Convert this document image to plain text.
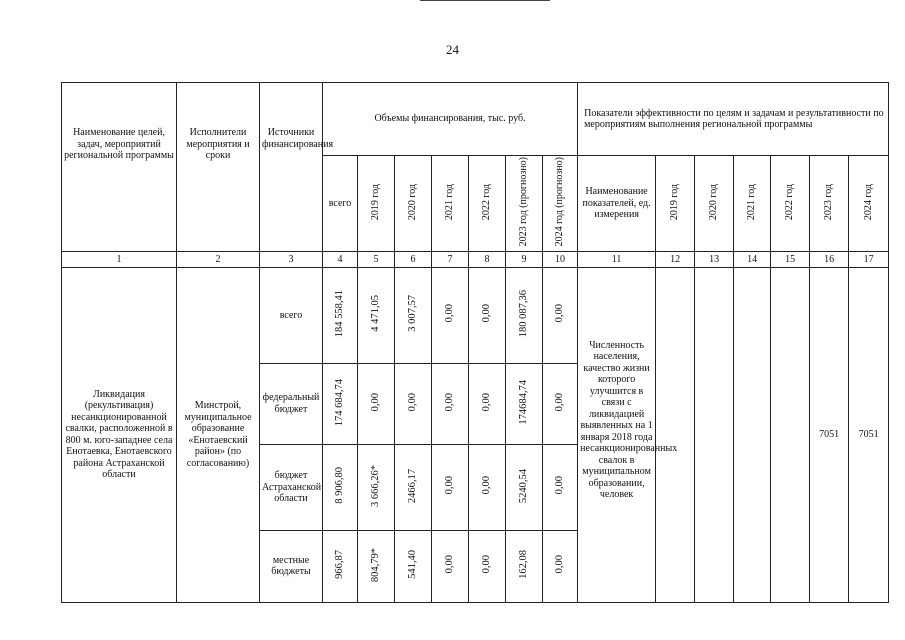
24
Наименование целей, задач, мероприятий региональной программы	Исполнители мероприятия и сроки	Источники финансирования	Объемы финансирования, тыс. руб.							Показатели эффективности по целям и задачам и результативности по мероприятиям выполнения региональной программы						
			всего	2019 год	2020 год	2021 год	2022 год	2023 год (прогнозно)	2024 год (прогнозно)	Наименование показателей, ед. измерения	2019 год	2020 год	2021 год	2022 год	2023 год	2024 год
1	2	3	4	5	6	7	8	9	10	11	12	13	14	15	16	17
Ликвидация (рекультивация) несанкционированной свалки, расположенной в 800 м. юго-западнее села Енотаевка, Енотаевского района Астраханской области	Минстрой, муниципальное образование «Енотаевский район» (по согласованию)	всего	184 558,41	4 471,05	3 007,57	0,00	0,00	180 087,36	0,00	Численность населения, качество жизни которого улучшится в связи с ликвидацией выявленных на 1 января 2018 года несанкционированных свалок в муниципальном образовании, человек					7051	7051
		федеральный бюджет	174 684,74	0,00	0,00	0,00	0,00	174684,74	0,00							
		бюджет Астраханской области	8 906,80	3 666,26*	2466,17	0,00	0,00	5240,54	0,00							
		местные бюджеты	966,87	804,79*	541,40	0,00	0,00	162,08	0,00							
